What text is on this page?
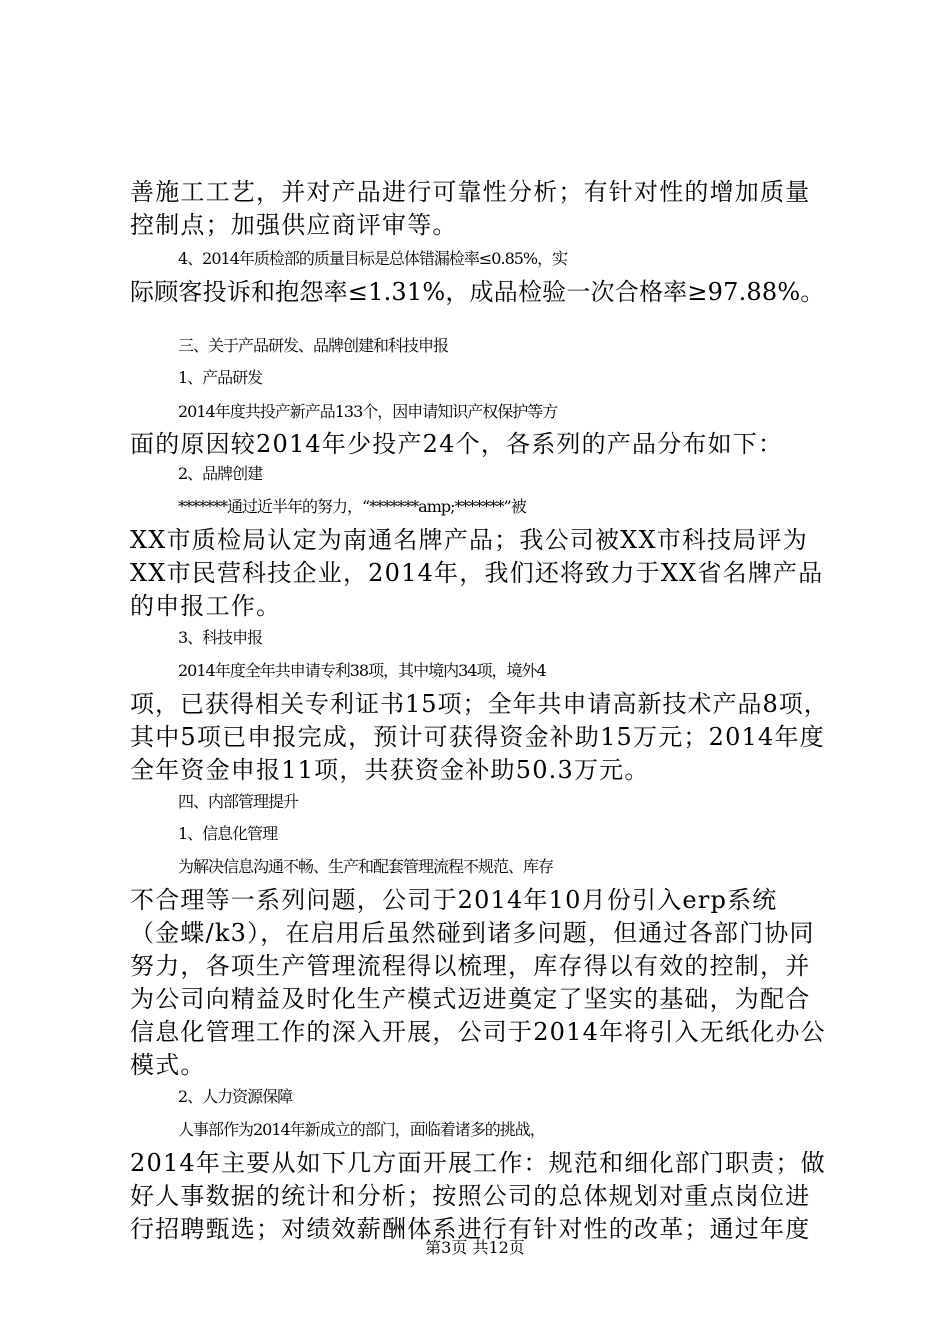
善施工工艺，并对产品进行可靠性分析；有针对性的增加质量
控制点；加强供应商评审等。
4、2014年质检部的质量目标是总体错漏检率≤0.85%，实
际顾客投诉和抱怨率≤1.31%，成品检验一次合格率≥97.88%。
三、关于产品研发、品牌创建和科技申报
1、产品研发
2014年度共投产新产品133个，因申请知识产权保护等方
面的原因较2014年少投产24个，各系列的产品分布如下：
2、品牌创建
*******通过近半年的努力，“*******amp;*******”被
XX市质检局认定为南通名牌产品；我公司被XX市科技局评为
XX市民营科技企业，2014年，我们还将致力于XX省名牌产品
的申报工作。
3、科技申报
2014年度全年共申请专利38项，其中境内34项，境外4
项，已获得相关专利证书15项；全年共申请高新技术产品8项，
其中5项已申报完成，预计可获得资金补助15万元；2014年度
全年资金申报11项，共获资金补助50.3万元。
四、内部管理提升
1、信息化管理
为解决信息沟通不畅、生产和配套管理流程不规范、库存
不合理等一系列问题，公司于2014年10月份引入erp系统
（金蝶/k3），在启用后虽然碰到诸多问题，但通过各部门协同
努力，各项生产管理流程得以梳理，库存得以有效的控制，并
为公司向精益及时化生产模式迈进奠定了坚实的基础，为配合
信息化管理工作的深入开展，公司于2014年将引入无纸化办公
模式。
2、人力资源保障
人事部作为2014年新成立的部门，面临着诸多的挑战，
2014年主要从如下几方面开展工作：规范和细化部门职责；做
好人事数据的统计和分析；按照公司的总体规划对重点岗位进
行招聘甄选；对绩效薪酬体系进行有针对性的改革；通过年度
第3页 共12页
